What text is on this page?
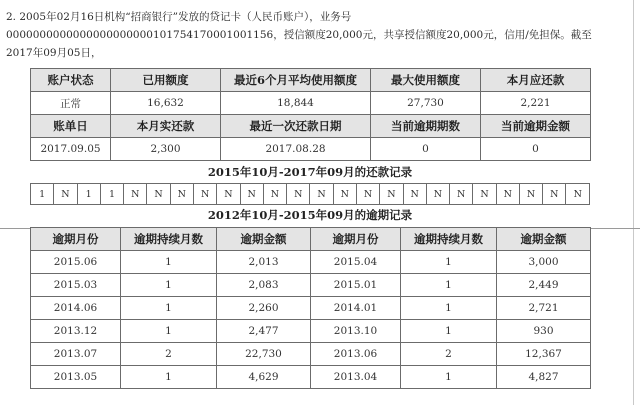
2. 2005年02月16日机构“招商银行”发放的贷记卡（人民币账户），业务号
0000000000000000000000101754170001001156，授信额度20,000元，共享授信额度20,000元，信用/免担保。截至
2017年09月05日，
账户状态	已用额度	最近6个月平均使用额度	最大使用额度	本月应还款
正常	16,632	18,844	27,730	2,221
账单日	本月实还款	最近一次还款日期	当前逾期期数	当前逾期金额
2017.09.05	2,300	2017.08.28	0	0
2015年10月-2017年09月的还款记录
1	N	1	1	N	N	N	N	N	N	N	N	N	N	N	N	N	N	N	N	N	N	N	N
2012年10月-2015年09月的逾期记录
逾期月份	逾期持续月数	逾期金额	逾期月份	逾期持续月数	逾期金额
2015.06	1	2,013	2015.04	1	3,000
2015.03	1	2,083	2015.01	1	2,449
2014.06	1	2,260	2014.01	1	2,721
2013.12	1	2,477	2013.10	1	930
2013.07	2	22,730	2013.06	2	12,367
2013.05	1	4,629	2013.04	1	4,827
